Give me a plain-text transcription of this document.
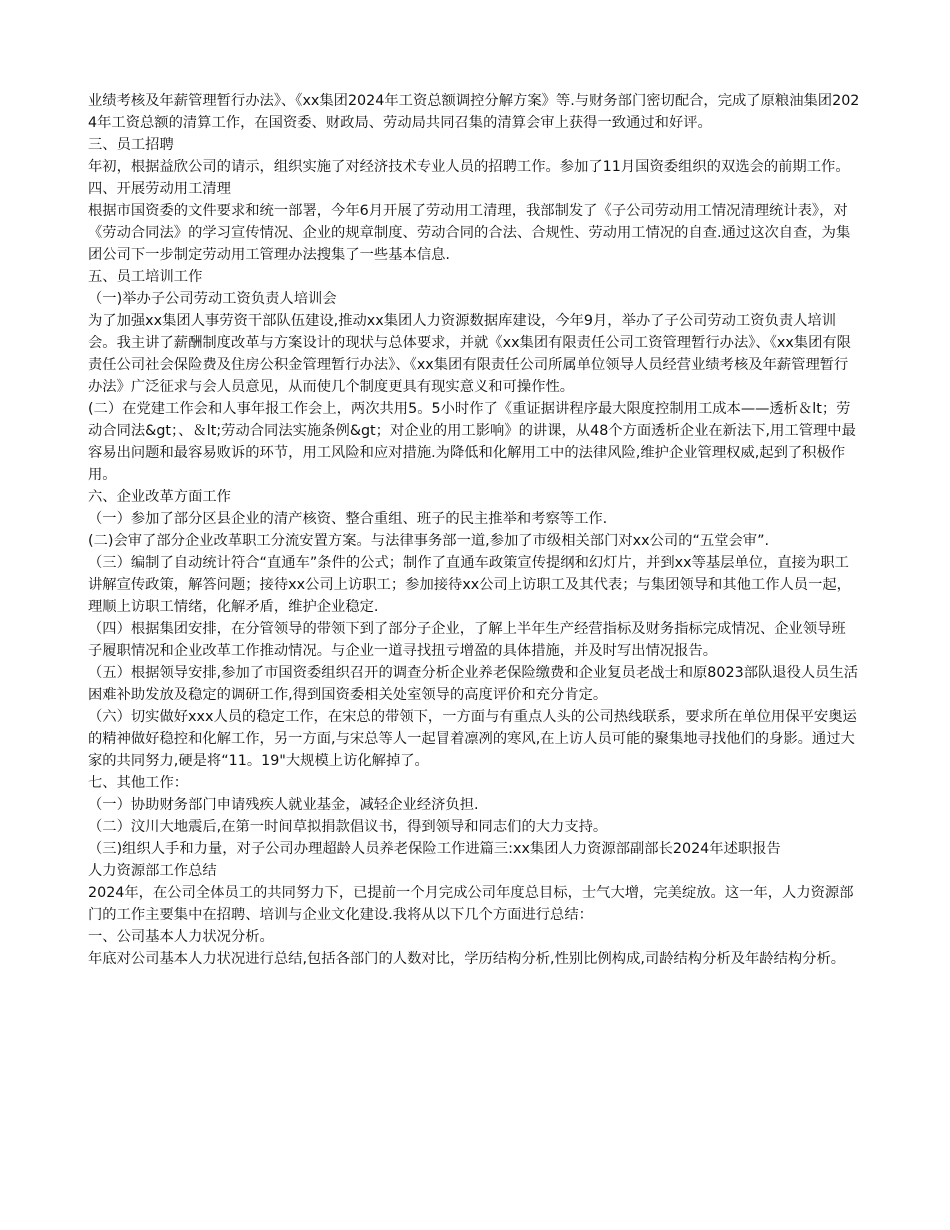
业绩考核及年薪管理暂行办法》、《xx集团2024年工资总额调控分解方案》等.与财务部门密切配合，完成了原粮油集团2024年工资总额的清算工作，在国资委、财政局、劳动局共同召集的清算会审上获得一致通过和好评。

三、员工招聘

年初，根据益欣公司的请示，组织实施了对经济技术专业人员的招聘工作。参加了11月国资委组织的双选会的前期工作。

四、开展劳动用工清理

根据市国资委的文件要求和统一部署，今年6月开展了劳动用工清理，我部制发了《子公司劳动用工情况清理统计表》，对《劳动合同法》的学习宣传情况、企业的规章制度、劳动合同的合法、合规性、劳动用工情况的自查.通过这次自查，为集团公司下一步制定劳动用工管理办法搜集了一些基本信息.

五、员工培训工作

（一)举办子公司劳动工资负责人培训会

为了加强xx集团人事劳资干部队伍建设,推动xx集团人力资源数据库建设，今年9月，举办了子公司劳动工资负责人培训会。我主讲了薪酬制度改革与方案设计的现状与总体要求，并就《xx集团有限责任公司工资管理暂行办法》、《xx集团有限责任公司社会保险费及住房公积金管理暂行办法》、《xx集团有限责任公司所属单位领导人员经营业绩考核及年薪管理暂行办法》广泛征求与会人员意见，从而使几个制度更具有现实意义和可操作性。

(二）在党建工作会和人事年报工作会上，两次共用5。5小时作了《重证据讲程序最大限度控制用工成本——透析＆lt；劳动合同法&gt；、＆lt;劳动合同法实施条例&gt；对企业的用工影响》的讲课，从48个方面透析企业在新法下,用工管理中最容易出问题和最容易败诉的环节，用工风险和应对措施.为降低和化解用工中的法律风险,维护企业管理权威,起到了积极作用。

六、企业改革方面工作

（一）参加了部分区县企业的清产核资、整合重组、班子的民主推举和考察等工作.

(二)会审了部分企业改革职工分流安置方案。与法律事务部一道,参加了市级相关部门对xx公司的“五堂会审”.

（三）编制了自动统计符合“直通车”条件的公式；制作了直通车政策宣传提纲和幻灯片，并到xx等基层单位，直接为职工讲解宣传政策，解答问题；接待xx公司上访职工；参加接待xx公司上访职工及其代表；与集团领导和其他工作人员一起，理顺上访职工情绪，化解矛盾，维护企业稳定.

（四）根据集团安排，在分管领导的带领下到了部分子企业，了解上半年生产经营指标及财务指标完成情况、企业领导班子履职情况和企业改革工作推动情况。与企业一道寻找扭亏增盈的具体措施，并及时写出情况报告。

（五）根据领导安排,参加了市国资委组织召开的调查分析企业养老保险缴费和企业复员老战士和原8023部队退役人员生活困难补助发放及稳定的调研工作,得到国资委相关处室领导的高度评价和充分肯定。

（六）切实做好xxx人员的稳定工作，在宋总的带领下，一方面与有重点人头的公司热线联系，要求所在单位用保平安奥运的精神做好稳控和化解工作，另一方面,与宋总等人一起冒着凛冽的寒风,在上访人员可能的聚集地寻找他们的身影。通过大家的共同努力,硬是将“11。19"大规模上访化解掉了。

七、其他工作：

（一）协助财务部门申请残疾人就业基金，减轻企业经济负担.

（二）汶川大地震后,在第一时间草拟捐款倡议书，得到领导和同志们的大力支持。

（三)组织人手和力量，对子公司办理超龄人员养老保险工作进篇三:xx集团人力资源部副部长2024年述职报告

人力资源部工作总结

2024年，在公司全体员工的共同努力下，已提前一个月完成公司年度总目标，士气大增，完美绽放。这一年，人力资源部门的工作主要集中在招聘、培训与企业文化建设.我将从以下几个方面进行总结：

一、公司基本人力状况分析。

年底对公司基本人力状况进行总结,包括各部门的人数对比，学历结构分析,性别比例构成,司龄结构分析及年龄结构分析。
